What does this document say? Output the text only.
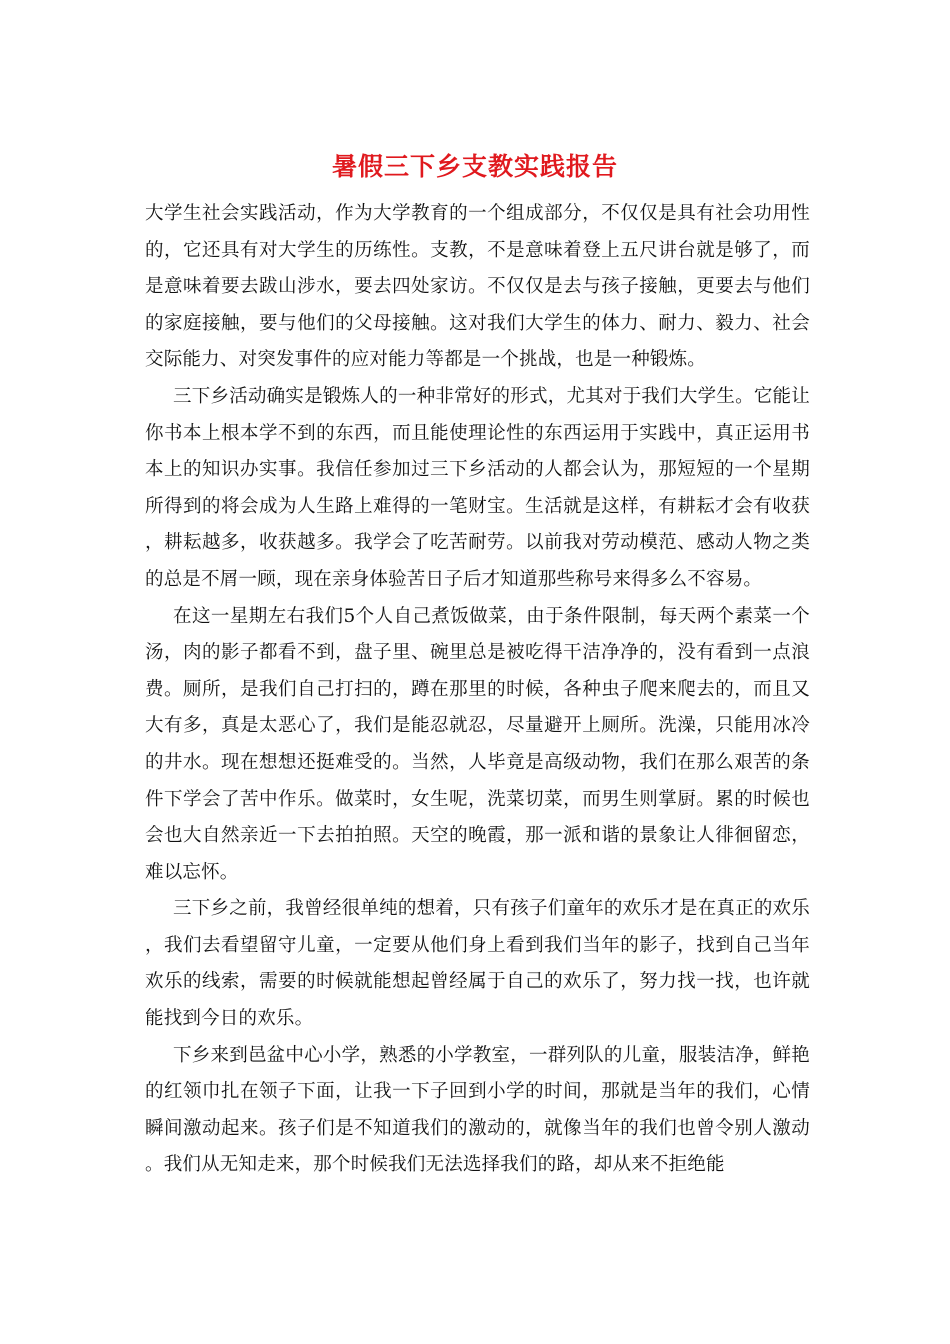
暑假三下乡支教实践报告

大学生社会实践活动，作为大学教育的一个组成部分，不仅仅是具有社会功用性的，它还具有对大学生的历练性。支教，不是意味着登上五尺讲台就是够了，而是意味着要去跋山涉水，要去四处家访。不仅仅是去与孩子接触，更要去与他们的家庭接触，要与他们的父母接触。这对我们大学生的体力、耐力、毅力、社会交际能力、对突发事件的应对能力等都是一个挑战，也是一种锻炼。

三下乡活动确实是锻炼人的一种非常好的形式，尤其对于我们大学生。它能让你书本上根本学不到的东西，而且能使理论性的东西运用于实践中，真正运用书本上的知识办实事。我信任参加过三下乡活动的人都会认为，那短短的一个星期所得到的将会成为人生路上难得的一笔财宝。生活就是这样，有耕耘才会有收获，耕耘越多，收获越多。我学会了吃苦耐劳。以前我对劳动模范、感动人物之类的总是不屑一顾，现在亲身体验苦日子后才知道那些称号来得多么不容易。

在这一星期左右我们5个人自己煮饭做菜，由于条件限制，每天两个素菜一个汤，肉的影子都看不到，盘子里、碗里总是被吃得干洁净净的，没有看到一点浪费。厕所，是我们自己打扫的，蹲在那里的时候，各种虫子爬来爬去的，而且又大有多，真是太恶心了，我们是能忍就忍，尽量避开上厕所。洗澡，只能用冰冷的井水。现在想想还挺难受的。当然，人毕竟是高级动物，我们在那么艰苦的条件下学会了苦中作乐。做菜时，女生呢，洗菜切菜，而男生则掌厨。累的时候也会也大自然亲近一下去拍拍照。天空的晚霞，那一派和谐的景象让人徘徊留恋，难以忘怀。

三下乡之前，我曾经很单纯的想着，只有孩子们童年的欢乐才是在真正的欢乐，我们去看望留守儿童，一定要从他们身上看到我们当年的影子，找到自己当年欢乐的线索，需要的时候就能想起曾经属于自己的欢乐了，努力找一找，也许就能找到今日的欢乐。

下乡来到邑盆中心小学，熟悉的小学教室，一群列队的儿童，服装洁净，鲜艳的红领巾扎在领子下面，让我一下子回到小学的时间，那就是当年的我们，心情瞬间激动起来。孩子们是不知道我们的激动的，就像当年的我们也曾令别人激动。我们从无知走来，那个时候我们无法选择我们的路，却从来不拒绝能
